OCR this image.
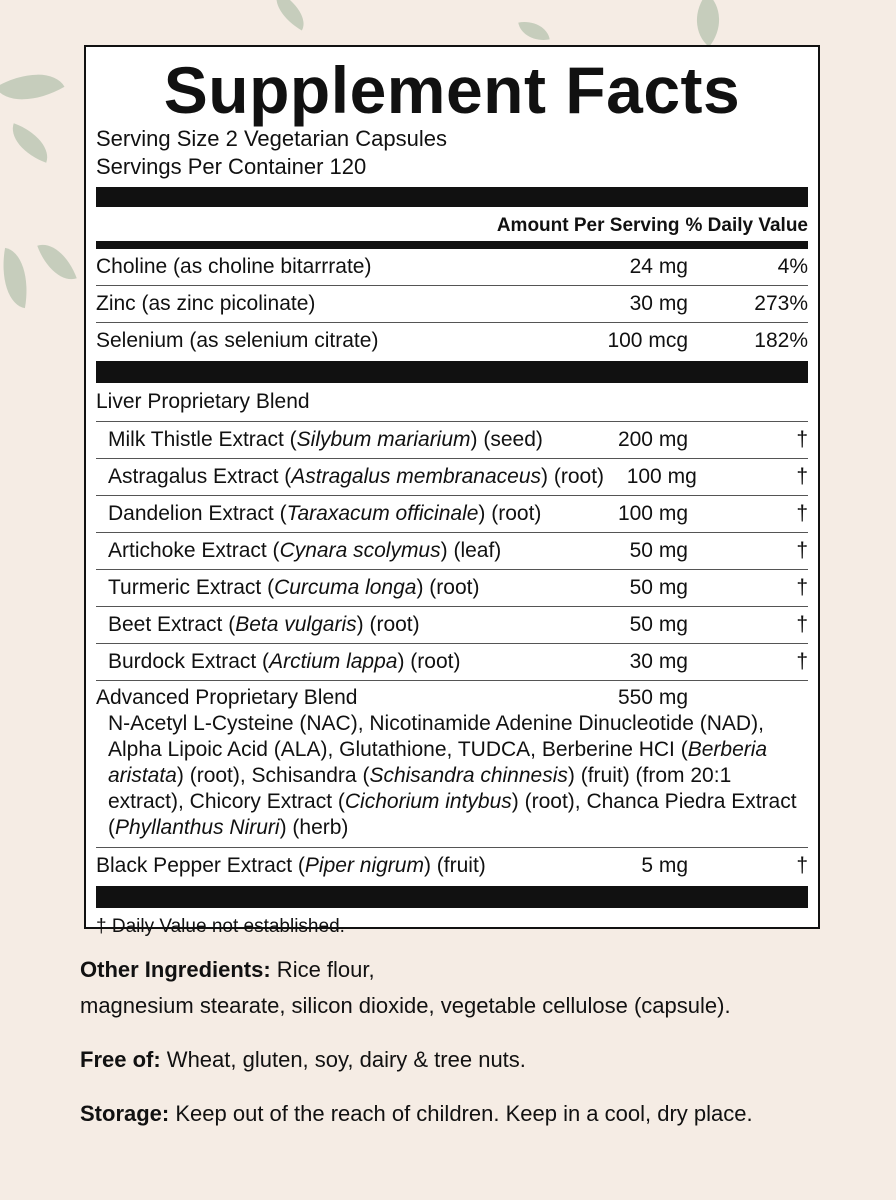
Supplement Facts
Serving Size 2 Vegetarian Capsules
Servings Per Container 120
Amount Per Serving % Daily Value
Choline (as choline bitarrrate)	24 mg	4%
Zinc (as zinc picolinate)	30 mg	273%
Selenium (as selenium citrate)	100 mcg	182%
Liver Proprietary Blend
Milk Thistle Extract (Silybum mariarium) (seed)	200 mg	†
Astragalus Extract (Astragalus membranaceus) (root)	100 mg	†
Dandelion Extract (Taraxacum officinale) (root)	100 mg	†
Artichoke Extract (Cynara scolymus) (leaf)	50 mg	†
Turmeric Extract (Curcuma longa) (root)	50 mg	†
Beet Extract (Beta vulgaris) (root)	50 mg	†
Burdock Extract (Arctium lappa) (root)	30 mg	†
Advanced Proprietary Blend	550 mg
N-Acetyl L-Cysteine (NAC), Nicotinamide Adenine Dinucleotide (NAD), Alpha Lipoic Acid (ALA), Glutathione, TUDCA, Berberine HCI (Berberia aristata) (root), Schisandra (Schisandra chinnesis) (fruit) (from 20:1 extract), Chicory Extract (Cichorium intybus) (root), Chanca Piedra Extract (Phyllanthus Niruri) (herb)
Black Pepper Extract (Piper nigrum) (fruit)	5 mg	†
† Daily Value not established.
Other Ingredients: Rice flour,
magnesium stearate, silicon dioxide, vegetable cellulose (capsule).
Free of: Wheat, gluten, soy, dairy & tree nuts.
Storage: Keep out of the reach of children. Keep in a cool, dry place.
